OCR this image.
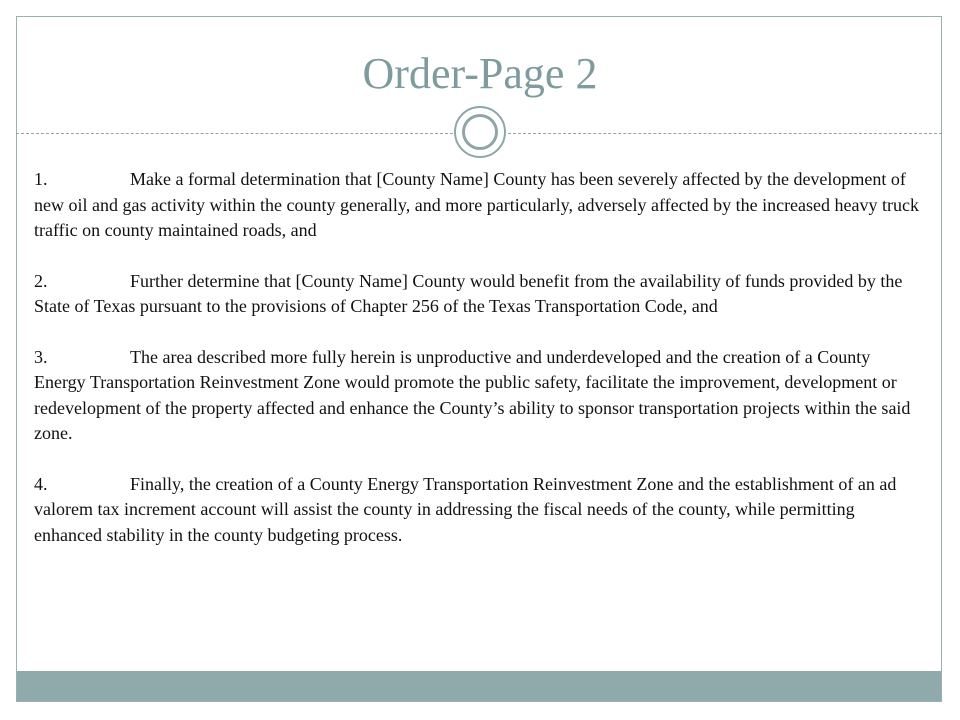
Order-Page 2

1.	Make a formal determination that [County Name] County has been severely affected by the development of new oil and gas activity within the county generally, and more particularly, adversely affected by the increased heavy truck traffic on county maintained roads, and

2.	Further determine that [County Name] County would benefit from the availability of funds provided by the State of Texas pursuant to the provisions of Chapter 256 of the Texas Transportation Code, and

3.	The area described more fully herein is unproductive and underdeveloped and the creation of a County Energy Transportation Reinvestment Zone would promote the public safety, facilitate the improvement, development or redevelopment of the property affected and enhance the County’s ability to sponsor transportation projects within the said zone.

4.	Finally, the creation of a County Energy Transportation Reinvestment Zone and the establishment of an ad valorem tax increment account will assist the county in addressing the fiscal needs of the county, while permitting enhanced stability in the county budgeting process.
